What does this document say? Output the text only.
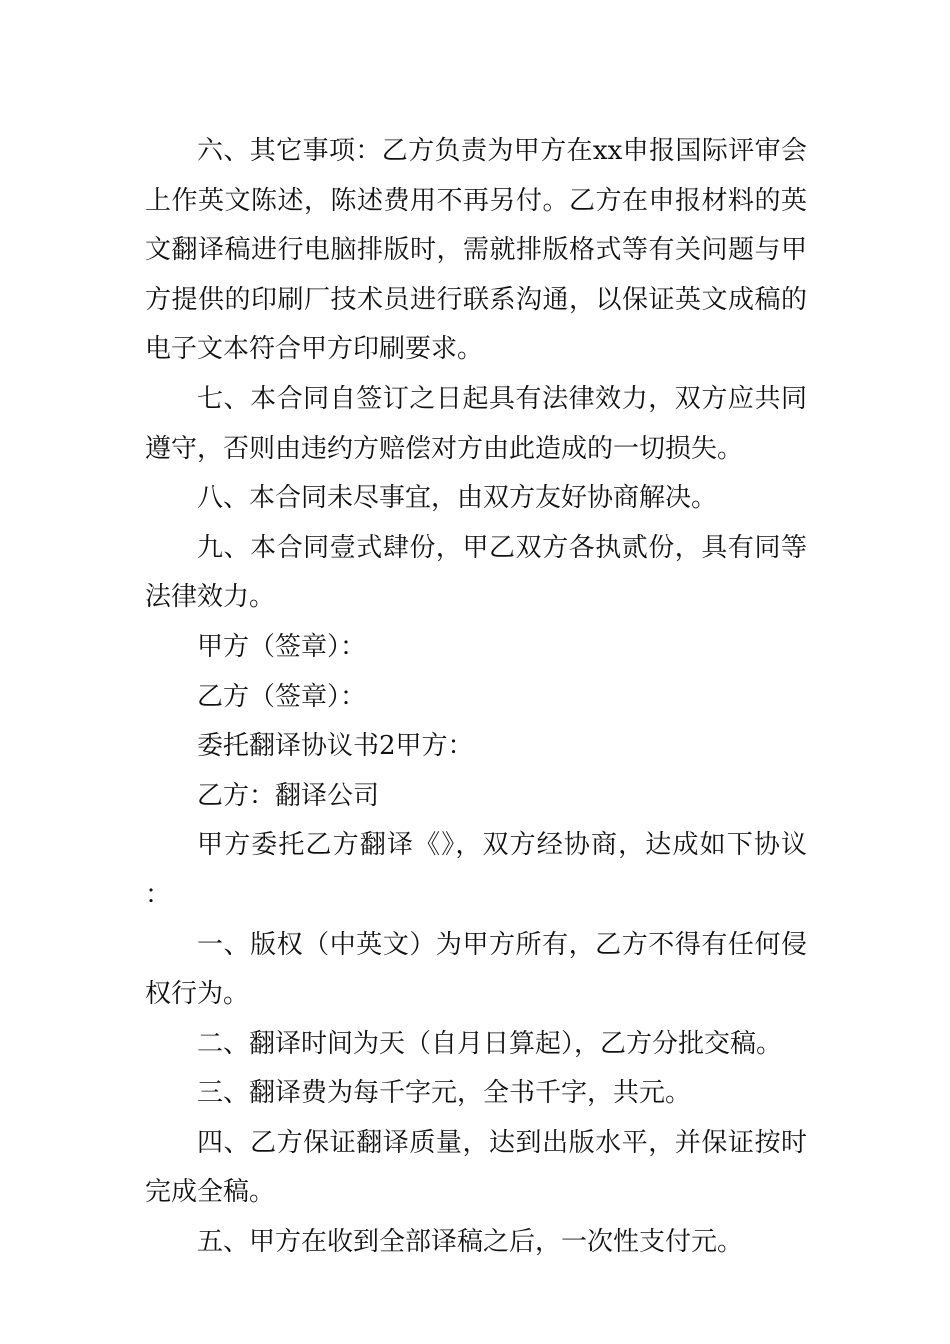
六、其它事项：乙方负责为甲方在xx申报国际评审会上作英文陈述，陈述费用不再另付。乙方在申报材料的英文翻译稿进行电脑排版时，需就排版格式等有关问题与甲方提供的印刷厂技术员进行联系沟通，以保证英文成稿的电子文本符合甲方印刷要求。

七、本合同自签订之日起具有法律效力，双方应共同遵守，否则由违约方赔偿对方由此造成的一切损失。

八、本合同未尽事宜，由双方友好协商解决。

九、本合同壹式肆份，甲乙双方各执贰份，具有同等法律效力。

甲方（签章）：

乙方（签章）：

委托翻译协议书2甲方：

乙方：翻译公司

甲方委托乙方翻译《》，双方经协商，达成如下协议：

一、版权（中英文）为甲方所有，乙方不得有任何侵权行为。

二、翻译时间为天（自月日算起），乙方分批交稿。

三、翻译费为每千字元，全书千字，共元。

四、乙方保证翻译质量，达到出版水平，并保证按时完成全稿。

五、甲方在收到全部译稿之后，一次性支付元。
